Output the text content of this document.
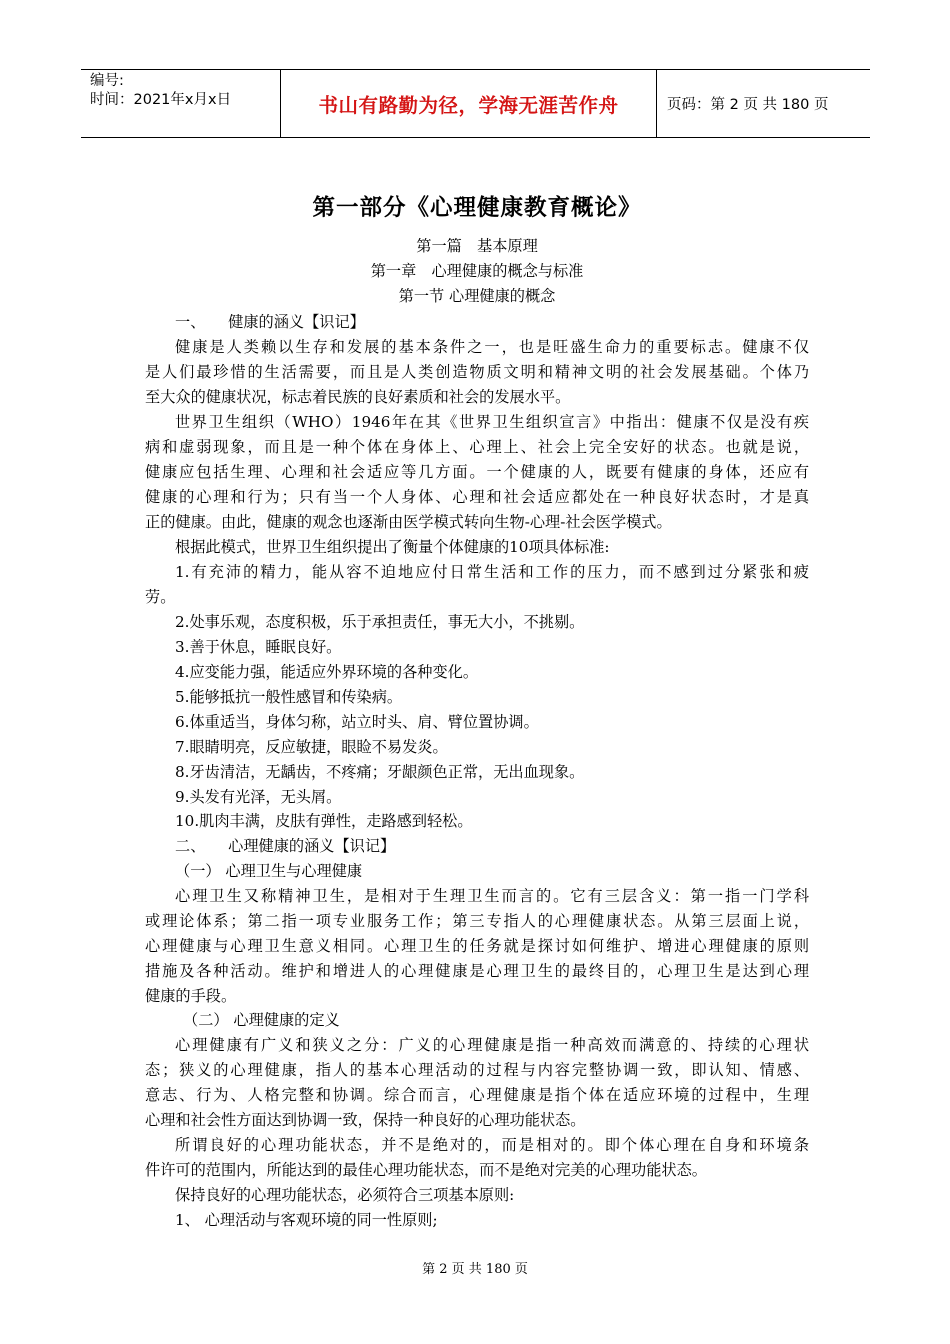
编号:
时间：2021年x月x日	书山有路勤为径，学海无涯苦作舟	页码：第 2 页 共 180 页
第一部分《心理健康教育概论》
第一篇　基本原理
第一章　心理健康的概念与标准
第一节 心理健康的概念
一、　　健康的涵义【识记】
健康是人类赖以生存和发展的基本条件之一，也是旺盛生命力的重要标志。健康不仅
是人们最珍惜的生活需要，而且是人类创造物质文明和精神文明的社会发展基础。个体乃
至大众的健康状况，标志着民族的良好素质和社会的发展水平。
世界卫生组织（WHO）1946年在其《世界卫生组织宣言》中指出：健康不仅是没有疾
病和虚弱现象，而且是一种个体在身体上、心理上、社会上完全安好的状态。也就是说，
健康应包括生理、心理和社会适应等几方面。一个健康的人，既要有健康的身体，还应有
健康的心理和行为；只有当一个人身体、心理和社会适应都处在一种良好状态时，才是真
正的健康。由此，健康的观念也逐渐由医学模式转向生物-心理-社会医学模式。
根据此模式，世界卫生组织提出了衡量个体健康的10项具体标准:
1.有充沛的精力，能从容不迫地应付日常生活和工作的压力，而不感到过分紧张和疲
劳。
2.处事乐观，态度积极，乐于承担责任，事无大小，不挑剔。
3.善于休息，睡眠良好。
4.应变能力强，能适应外界环境的各种变化。
5.能够抵抗一般性感冒和传染病。
6.体重适当，身体匀称，站立时头、肩、臂位置协调。
7.眼睛明亮，反应敏捷，眼睑不易发炎。
8.牙齿清洁，无龋齿，不疼痛；牙龈颜色正常，无出血现象。
9.头发有光泽，无头屑。
10.肌肉丰满，皮肤有弹性，走路感到轻松。
二、　　心理健康的涵义【识记】
（一） 心理卫生与心理健康
心理卫生又称精神卫生，是相对于生理卫生而言的。它有三层含义：第一指一门学科
或理论体系；第二指一项专业服务工作；第三专指人的心理健康状态。从第三层面上说，
心理健康与心理卫生意义相同。心理卫生的任务就是探讨如何维护、增进心理健康的原则
措施及各种活动。维护和增进人的心理健康是心理卫生的最终目的，心理卫生是达到心理
健康的手段。
（二） 心理健康的定义
心理健康有广义和狭义之分：广义的心理健康是指一种高效而满意的、持续的心理状
态；狭义的心理健康，指人的基本心理活动的过程与内容完整协调一致，即认知、情感、
意志、行为、人格完整和协调。综合而言，心理健康是指个体在适应环境的过程中，生理
心理和社会性方面达到协调一致，保持一种良好的心理功能状态。
所谓良好的心理功能状态，并不是绝对的，而是相对的。即个体心理在自身和环境条
件许可的范围内，所能达到的最佳心理功能状态，而不是绝对完美的心理功能状态。
保持良好的心理功能状态，必须符合三项基本原则:
1、 心理活动与客观环境的同一性原则;
第 2 页 共 180 页
